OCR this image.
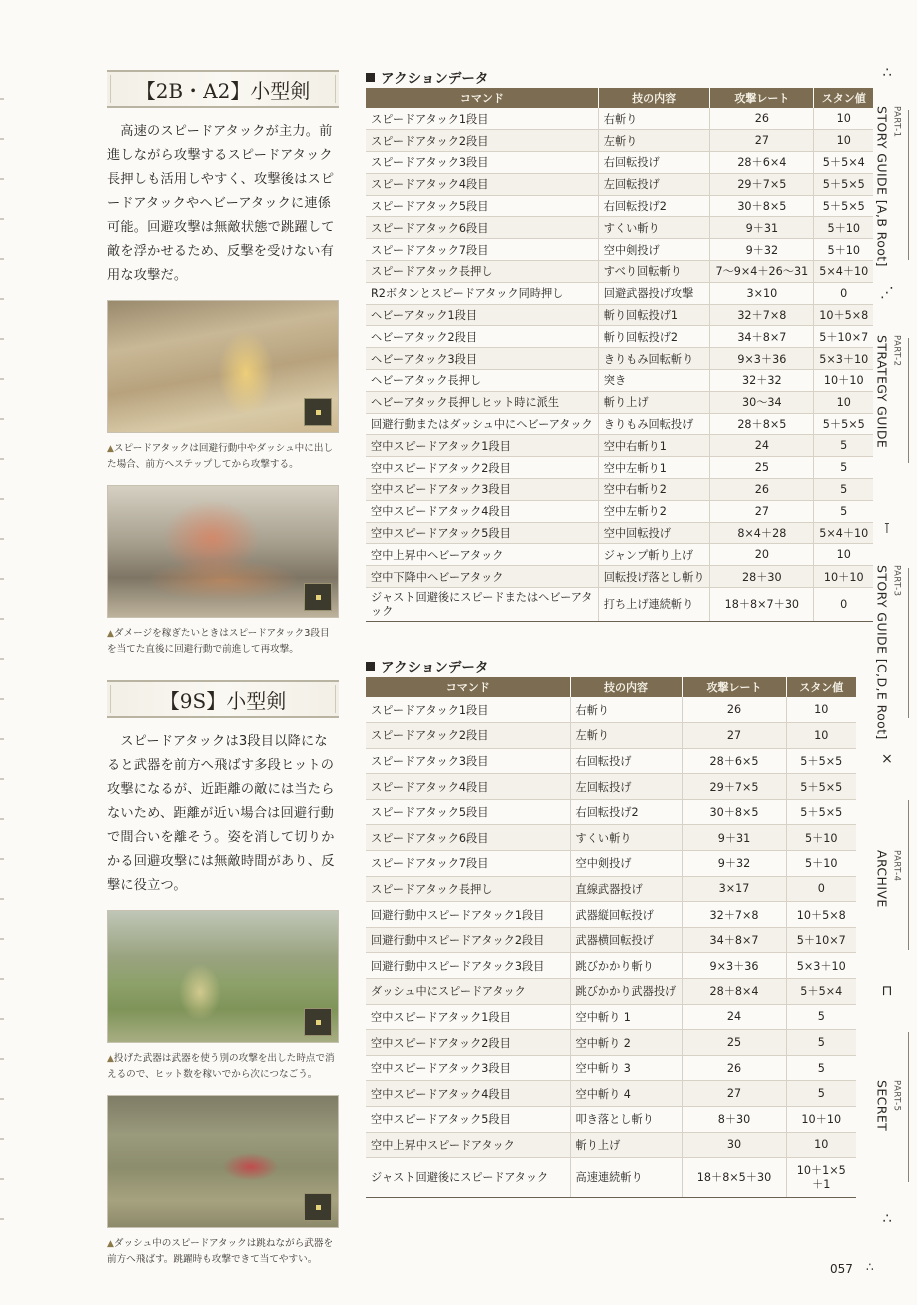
【2B・A2】小型剣

高速のスピードアタックが主力。前進しながら攻撃するスピードアタック長押しも活用しやすく、攻撃後はスピードアタックやヘビーアタックに連係可能。回避攻撃は無敵状態で跳躍して敵を浮かせるため、反撃を受けない有用な攻撃だ。

▲スピードアタックは回避行動中やダッシュ中に出した場合、前方へステップしてから攻撃する。

▲ダメージを稼ぎたいときはスピードアタック3段目を当てた直後に回避行動で前進して再攻撃。

【9S】小型剣

スピードアタックは3段目以降になると武器を前方へ飛ばす多段ヒットの攻撃になるが、近距離の敵には当たらないため、距離が近い場合は回避行動で間合いを離そう。姿を消して切りかかる回避攻撃には無敵時間があり、反撃に役立つ。

▲投げた武器は武器を使う別の攻撃を出した時点で消えるので、ヒット数を稼いでから次につなごう。

▲ダッシュ中のスピードアタックは跳ねながら武器を前方へ飛ばす。跳躍時も攻撃できて当てやすい。

アクションデータ
コマンド	技の内容	攻撃レート	スタン値
スピードアタック1段目	右斬り	26	10
スピードアタック2段目	左斬り	27	10
スピードアタック3段目	右回転投げ	28＋6×4	5＋5×4
スピードアタック4段目	左回転投げ	29＋7×5	5＋5×5
スピードアタック5段目	右回転投げ2	30＋8×5	5＋5×5
スピードアタック6段目	すくい斬り	9＋31	5＋10
スピードアタック7段目	空中剣投げ	9＋32	5＋10
スピードアタック長押し	すべり回転斬り	7～9×4＋26～31	5×4＋10
R2ボタンとスピードアタック同時押し	回避武器投げ攻撃	3×10	0
ヘビーアタック1段目	斬り回転投げ1	32＋7×8	10＋5×8
ヘビーアタック2段目	斬り回転投げ2	34＋8×7	5＋10×7
ヘビーアタック3段目	きりもみ回転斬り	9×3＋36	5×3＋10
ヘビーアタック長押し	突き	32＋32	10＋10
ヘビーアタック長押しヒット時に派生	斬り上げ	30～34	10
回避行動またはダッシュ中にヘビーアタック	きりもみ回転投げ	28＋8×5	5＋5×5
空中スピードアタック1段目	空中右斬り1	24	5
空中スピードアタック2段目	空中左斬り1	25	5
空中スピードアタック3段目	空中右斬り2	26	5
空中スピードアタック4段目	空中左斬り2	27	5
空中スピードアタック5段目	空中回転投げ	8×4＋28	5×4＋10
空中上昇中ヘビーアタック	ジャンプ斬り上げ	20	10
空中下降中ヘビーアタック	回転投げ落とし斬り	28＋30	10＋10
ジャスト回避後にスピードまたはヘビーアタック	打ち上げ連続斬り	18＋8×7＋30	0
アクションデータ
コマンド	技の内容	攻撃レート	スタン値
スピードアタック1段目	右斬り	26	10
スピードアタック2段目	左斬り	27	10
スピードアタック3段目	右回転投げ	28＋6×5	5＋5×5
スピードアタック4段目	左回転投げ	29＋7×5	5＋5×5
スピードアタック5段目	右回転投げ2	30＋8×5	5＋5×5
スピードアタック6段目	すくい斬り	9＋31	5＋10
スピードアタック7段目	空中剣投げ	9＋32	5＋10
スピードアタック長押し	直線武器投げ	3×17	0
回避行動中スピードアタック1段目	武器縦回転投げ	32＋7×8	10＋5×8
回避行動中スピードアタック2段目	武器横回転投げ	34＋8×7	5＋10×7
回避行動中スピードアタック3段目	跳びかかり斬り	9×3＋36	5×3＋10
ダッシュ中にスピードアタック	跳びかかり武器投げ	28＋8×4	5＋5×4
空中スピードアタック1段目	空中斬り 1	24	5
空中スピードアタック2段目	空中斬り 2	25	5
空中スピードアタック3段目	空中斬り 3	26	5
空中スピードアタック4段目	空中斬り 4	27	5
空中スピードアタック5段目	叩き落とし斬り	8＋30	10＋10
空中上昇中スピードアタック	斬り上げ	30	10
ジャスト回避後にスピードアタック	高速連続斬り	18＋8×5＋30	10＋1×5＋1
∴
STORY GUIDE [A,B Root] PART-1
⋰
STRATEGY GUIDE PART-2
⊺
STORY GUIDE [C,D,E Root] PART-3
⨯
ARCHIVE PART-4
⊓
SECRET PART-5
∴
057 ∴
